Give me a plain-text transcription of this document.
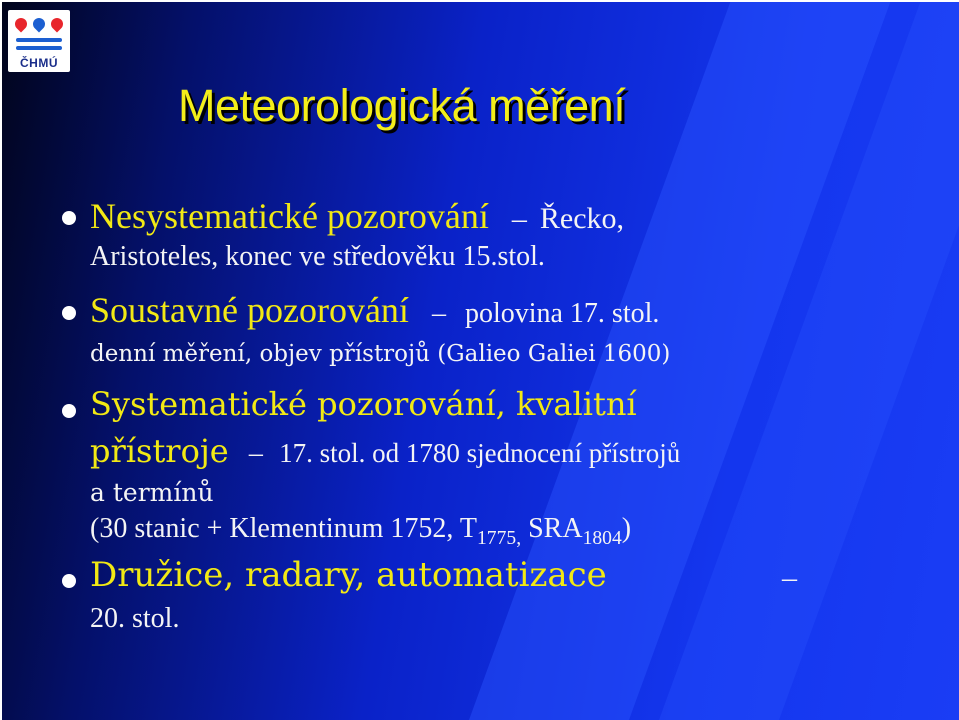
ČHMÚ
Meteorologická měření
Nesystematické pozorování – Řecko,
Aristoteles, konec ve středověku 15.stol.
Soustavné pozorování – polovina 17. stol.
denní měření, objev přístrojů (Galieo Galiei 1600)
Systematické pozorování, kvalitní
přístroje – 17. stol. od 1780 sjednocení přístrojů
a termínů
(30 stanic + Klementinum 1752, $T_{1775,}$ $SRA_{1804}$)
Družice, radary, automatizace	–
20. stol.
